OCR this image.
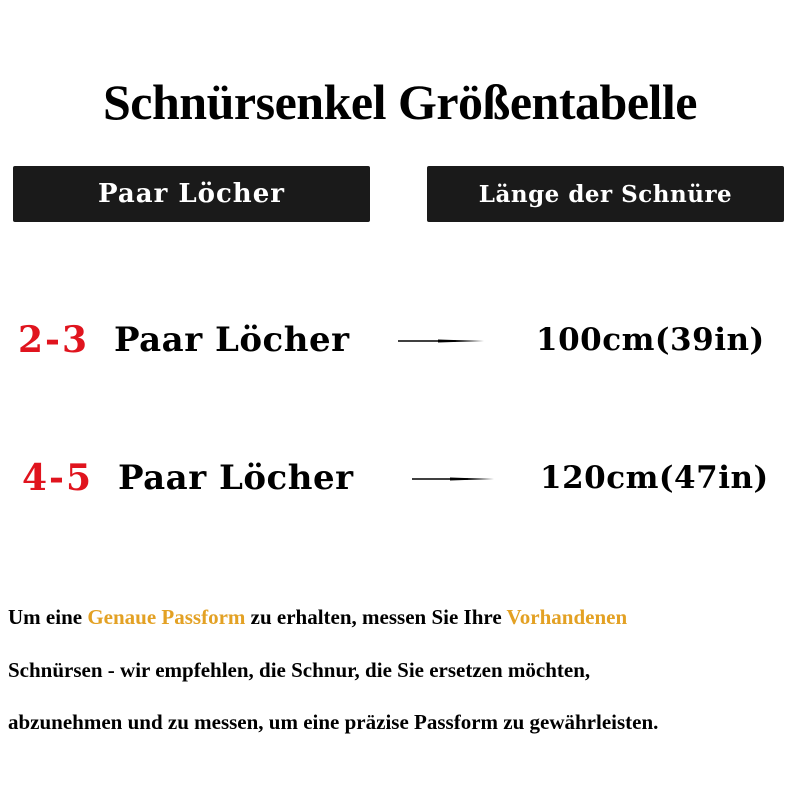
Schnürsenkel Größentabelle
Paar Löcher	Länge der Schnüre
2-3 Paar Löcher	100cm(39in)
4-5 Paar Löcher	120cm(47in)
Um eine Genaue Passform zu erhalten, messen Sie Ihre Vorhandenen
Schnürsen - wir empfehlen, die Schnur, die Sie ersetzen möchten,
abzunehmen und zu messen, um eine präzise Passform zu gewährleisten.
